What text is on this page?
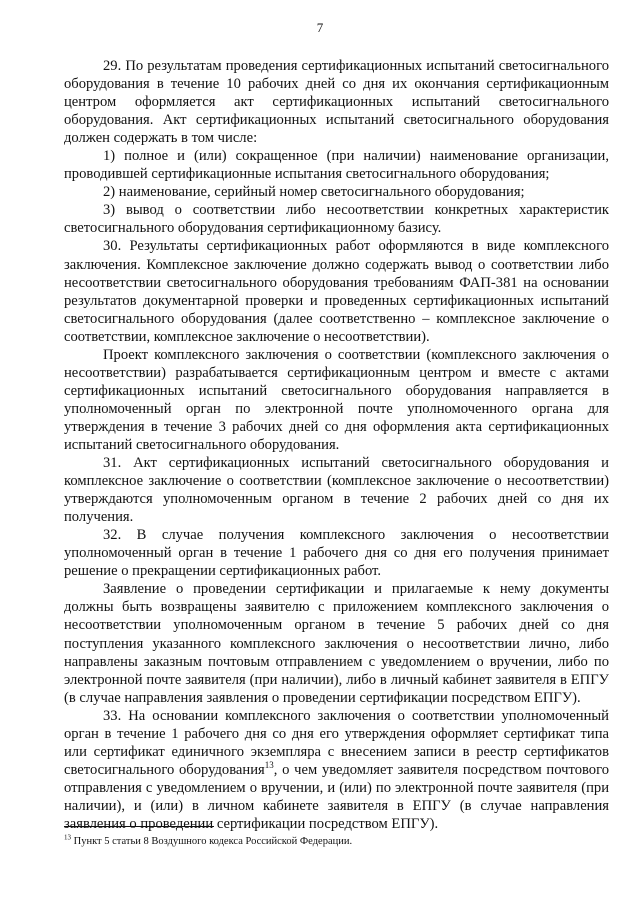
7

29. По результатам проведения сертификационных испытаний светосигнального оборудования в течение 10 рабочих дней со дня их окончания сертификационным центром оформляется акт сертификационных испытаний светосигнального оборудования. Акт сертификационных испытаний светосигнального оборудования должен содержать в том числе:

1) полное и (или) сокращенное (при наличии) наименование организации, проводившей сертификационные испытания светосигнального оборудования;

2) наименование, серийный номер светосигнального оборудования;

3) вывод о соответствии либо несоответствии конкретных характеристик светосигнального оборудования сертификационному базису.

30. Результаты сертификационных работ оформляются в виде комплексного заключения. Комплексное заключение должно содержать вывод о соответствии либо несоответствии светосигнального оборудования требованиям ФАП-381 на основании результатов документарной проверки и проведенных сертификационных испытаний светосигнального оборудования (далее соответственно – комплексное заключение о соответствии, комплексное заключение о несоответствии).

Проект комплексного заключения о соответствии (комплексного заключения о несоответствии) разрабатывается сертификационным центром и вместе с актами сертификационных испытаний светосигнального оборудования направляется в уполномоченный орган по электронной почте уполномоченного органа для утверждения в течение 3 рабочих дней со дня оформления акта сертификационных испытаний светосигнального оборудования.

31. Акт сертификационных испытаний светосигнального оборудования и комплексное заключение о соответствии (комплексное заключение о несоответствии) утверждаются уполномоченным органом в течение 2 рабочих дней со дня их получения.

32. В случае получения комплексного заключения о несоответствии уполномоченный орган в течение 1 рабочего дня со дня его получения принимает решение о прекращении сертификационных работ.

Заявление о проведении сертификации и прилагаемые к нему документы должны быть возвращены заявителю с приложением комплексного заключения о несоответствии уполномоченным органом в течение 5 рабочих дней со дня поступления указанного комплексного заключения о несоответствии лично, либо направлены заказным почтовым отправлением с уведомлением о вручении, либо по электронной почте заявителя (при наличии), либо в личный кабинет заявителя в ЕПГУ (в случае направления заявления о проведении сертификации посредством ЕПГУ).

33. На основании комплексного заключения о соответствии уполномоченный орган в течение 1 рабочего дня со дня его утверждения оформляет сертификат типа или сертификат единичного экземпляра с внесением записи в реестр сертификатов светосигнального оборудования$^{13}$, о чем уведомляет заявителя посредством почтового отправления с уведомлением о вручении, и (или) по электронной почте заявителя (при наличии), и (или) в личном кабинете заявителя в ЕПГУ (в случае направления заявления о проведении сертификации посредством ЕПГУ).

$^{13}$ Пункт 5 статьи 8 Воздушного кодекса Российской Федерации.
